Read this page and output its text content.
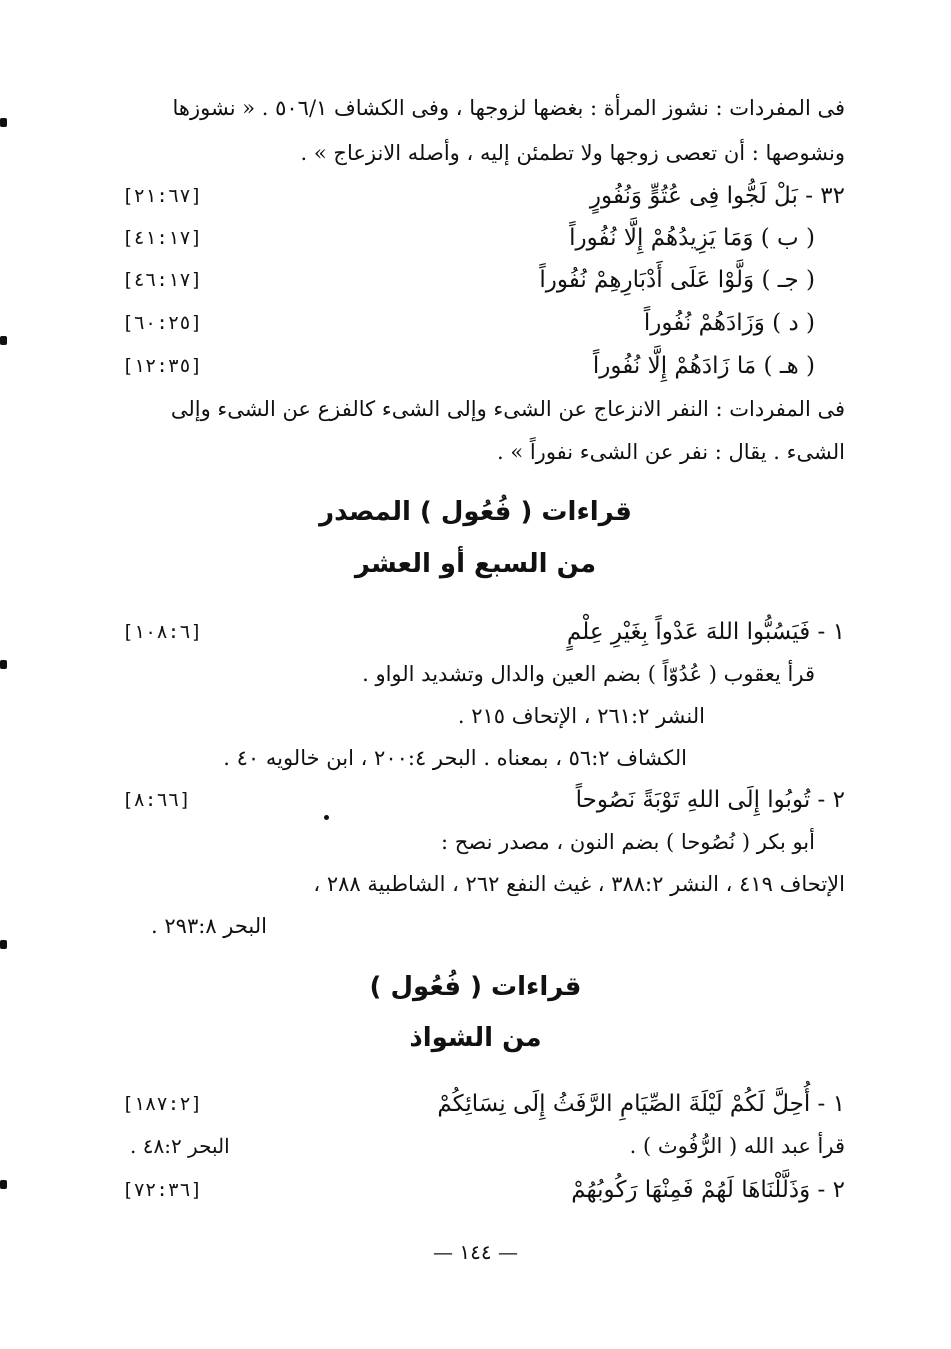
فى المفردات : نشوز المرأة : بغضها لزوجها ، وفى الكشاف ٥٠٦/١ . « نشوزها
ونشوصها : أن تعصى زوجها ولا تطمئن إليه ، وأصله الانزعاج » .
٣٢ - بَلْ لَجُّوا فِى عُتُوٍّ وَنُفُورٍ
[٢١:٦٧]
( ب ) وَمَا يَزِيدُهُمْ إِلَّا نُفُوراً
[٤١:١٧]
( جـ ) وَلَّوْا عَلَى أَدْبَارِهِمْ نُفُوراً
[٤٦:١٧]
( د ) وَزَادَهُمْ نُفُوراً
[٦٠:٢٥]
( هـ ) مَا زَادَهُمْ إِلَّا نُفُوراً
[١٢:٣٥]
فى المفردات : النفر الانزعاج عن الشىء وإلى الشىء كالفزع عن الشىء وإلى
الشىء . يقال : نفر عن الشىء نفوراً » .
قراءات ( فُعُول ) المصدر
من السبع أو العشر
١ - فَيَسُبُّوا اللهَ عَدْواً بِغَيْرِ عِلْمٍ
[١٠٨:٦]
قرأ يعقوب ( عُدُوّاً ) بضم العين والدال وتشديد الواو .
النشر ٢٦١:٢ ، الإتحاف ٢١٥ .
الكشاف ٥٦:٢ ، بمعناه . البحر ٢٠٠:٤ ، ابن خالويه ٤٠ .
٢ - تُوبُوا إِلَى اللهِ تَوْبَةً نَصُوحاً
[٨:٦٦]
أبو بكر ( نُصُوحا ) بضم النون ، مصدر نصح :
الإتحاف ٤١٩ ، النشر ٣٨٨:٢ ، غيث النفع ٢٦٢ ، الشاطبية ٢٨٨ ،
البحر ٢٩٣:٨ .
قراءات ( فُعُول )
من الشواذ
١ - أُحِلَّ لَكُمْ لَيْلَةَ الصِّيَامِ الرَّفَثُ إِلَى نِسَائِكُمْ
[١٨٧:٢]
قرأ عبد الله ( الرُّفُوث ) .
البحر ٤٨:٢ .
٢ - وَذَلَّلْنَاهَا لَهُمْ فَمِنْهَا رَكُوبُهُمْ
[٧٢:٣٦]
— ١٤٤ —
